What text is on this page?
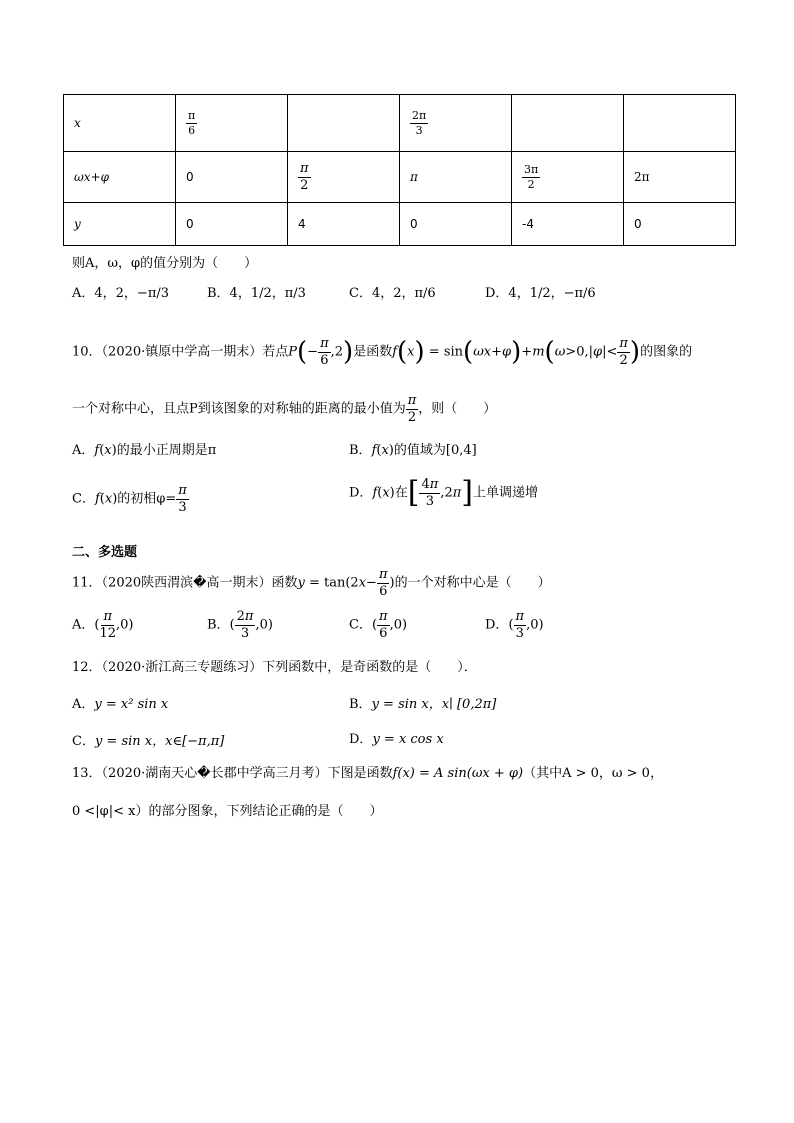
x	$\frac{\pi}{6}$		$\frac{2\pi}{3}$

ωx+φ	0	$\frac{\pi}{2}$	π	$\frac{3\pi}{2}$	2π
y	0	4	0	-4	0
则A，ω，φ的值分别为（　　）
A．4，2，−π/3	B．4，1/2，π/3	C．4，2，π/6	D．4，1/2，−π/6
10．（2020·镇原中学高一期末）若点$P(- \frac{\pi}{6} ,2)$是函数$f(x) = \sin(\omega x+\varphi)+m(\omega>0,|\varphi|< \frac{\pi}{2}$ )的图象的
一个对称中心，且点P到该图象的对称轴的距离的最小值为 $\frac{\pi}{2}$ ，则（　　）
A．f(x)的最小正周期是π	B．f(x)的值域为[0,4]
C．f(x)的初相$\varphi= \frac{\pi}{3}$	D．f(x)在[ $\frac{4\pi}{3} ,2\pi$]上单调递增
二、多选题
11．（2020陕西渭滨�高一期末）函数$y = \tan(2x- \frac{\pi}{6}$ )的一个对称中心是（　　）
A．( $\frac{\pi}{12} ,0$)	B．( $\frac{2\pi}{3} ,0$)	C．( $\frac{\pi}{6} ,0$)	D．( $\frac{\pi}{3} ,0$)
12．（2020·浙江高三专题练习）下列函数中，是奇函数的是（　　）．
A．y = x² sin x	B．y = sin x，x∣ [0,2π]
C．y = sin x，x∈[−π,π]	D．y = x cos x
13．（2020·湖南天心�长郡中学高三月考）下图是函数f(x) = A sin(ωx + φ)（其中A > 0，ω > 0，
0 <|φ|< x）的部分图象，下列结论正确的是（　　）
